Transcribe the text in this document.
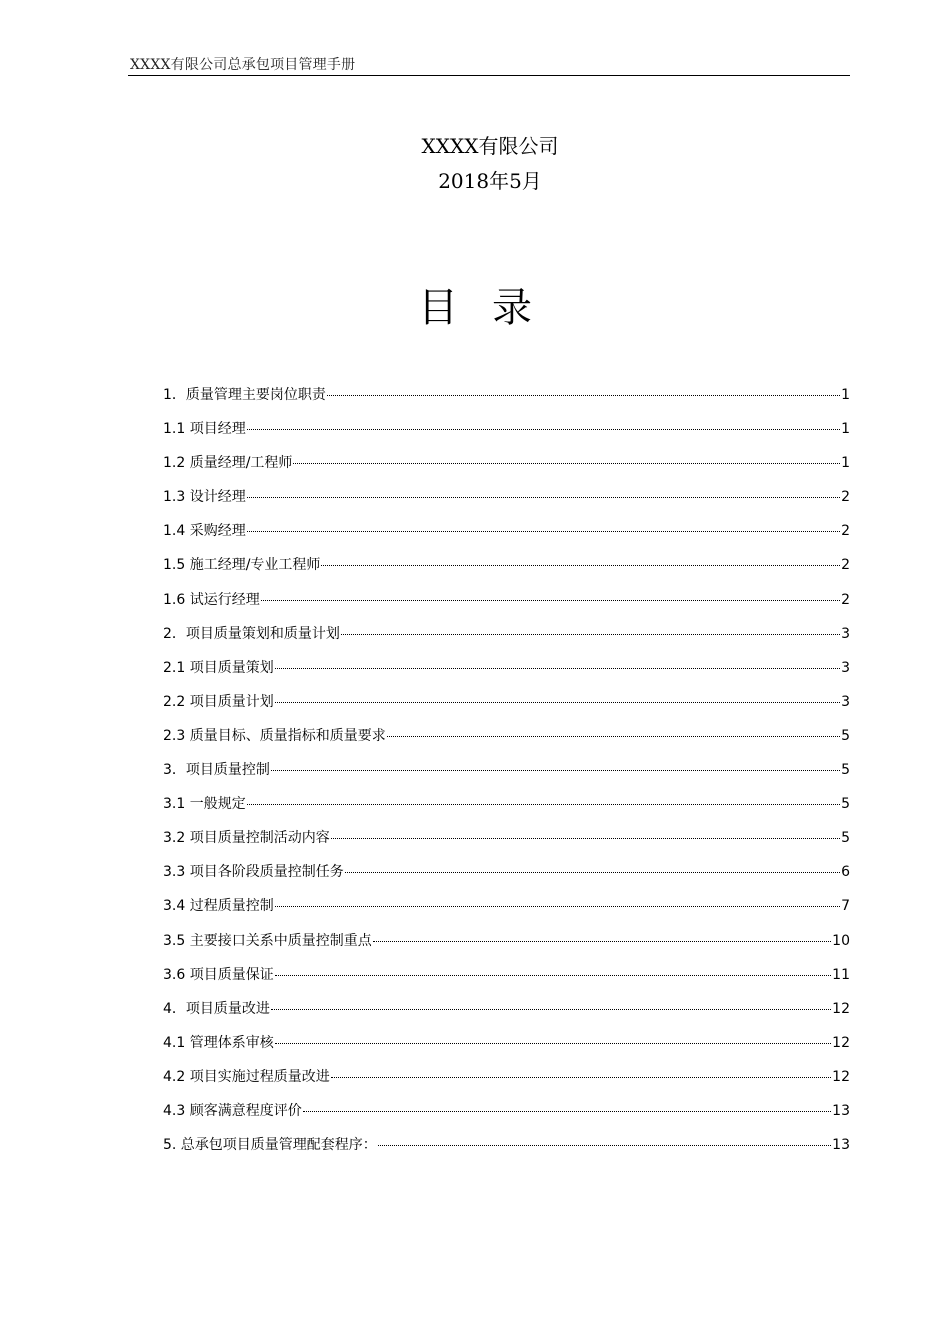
XXXX有限公司总承包项目管理手册
XXXX有限公司
2018年5月
目录
1．质量管理主要岗位职责	1
1.1 项目经理	1
1.2 质量经理/工程师	1
1.3 设计经理	2
1.4 采购经理	2
1.5 施工经理/专业工程师	2
1.6 试运行经理	2
2．项目质量策划和质量计划	3
2.1 项目质量策划	3
2.2 项目质量计划	3
2.3 质量目标、质量指标和质量要求	5
3．项目质量控制	5
3.1 一般规定	5
3.2 项目质量控制活动内容	5
3.3 项目各阶段质量控制任务	6
3.4 过程质量控制	7
3.5 主要接口关系中质量控制重点	10
3.6 项目质量保证	11
4．项目质量改进	12
4.1 管理体系审核	12
4.2 项目实施过程质量改进	12
4.3 顾客满意程度评价	13
5. 总承包项目质量管理配套程序：	13
